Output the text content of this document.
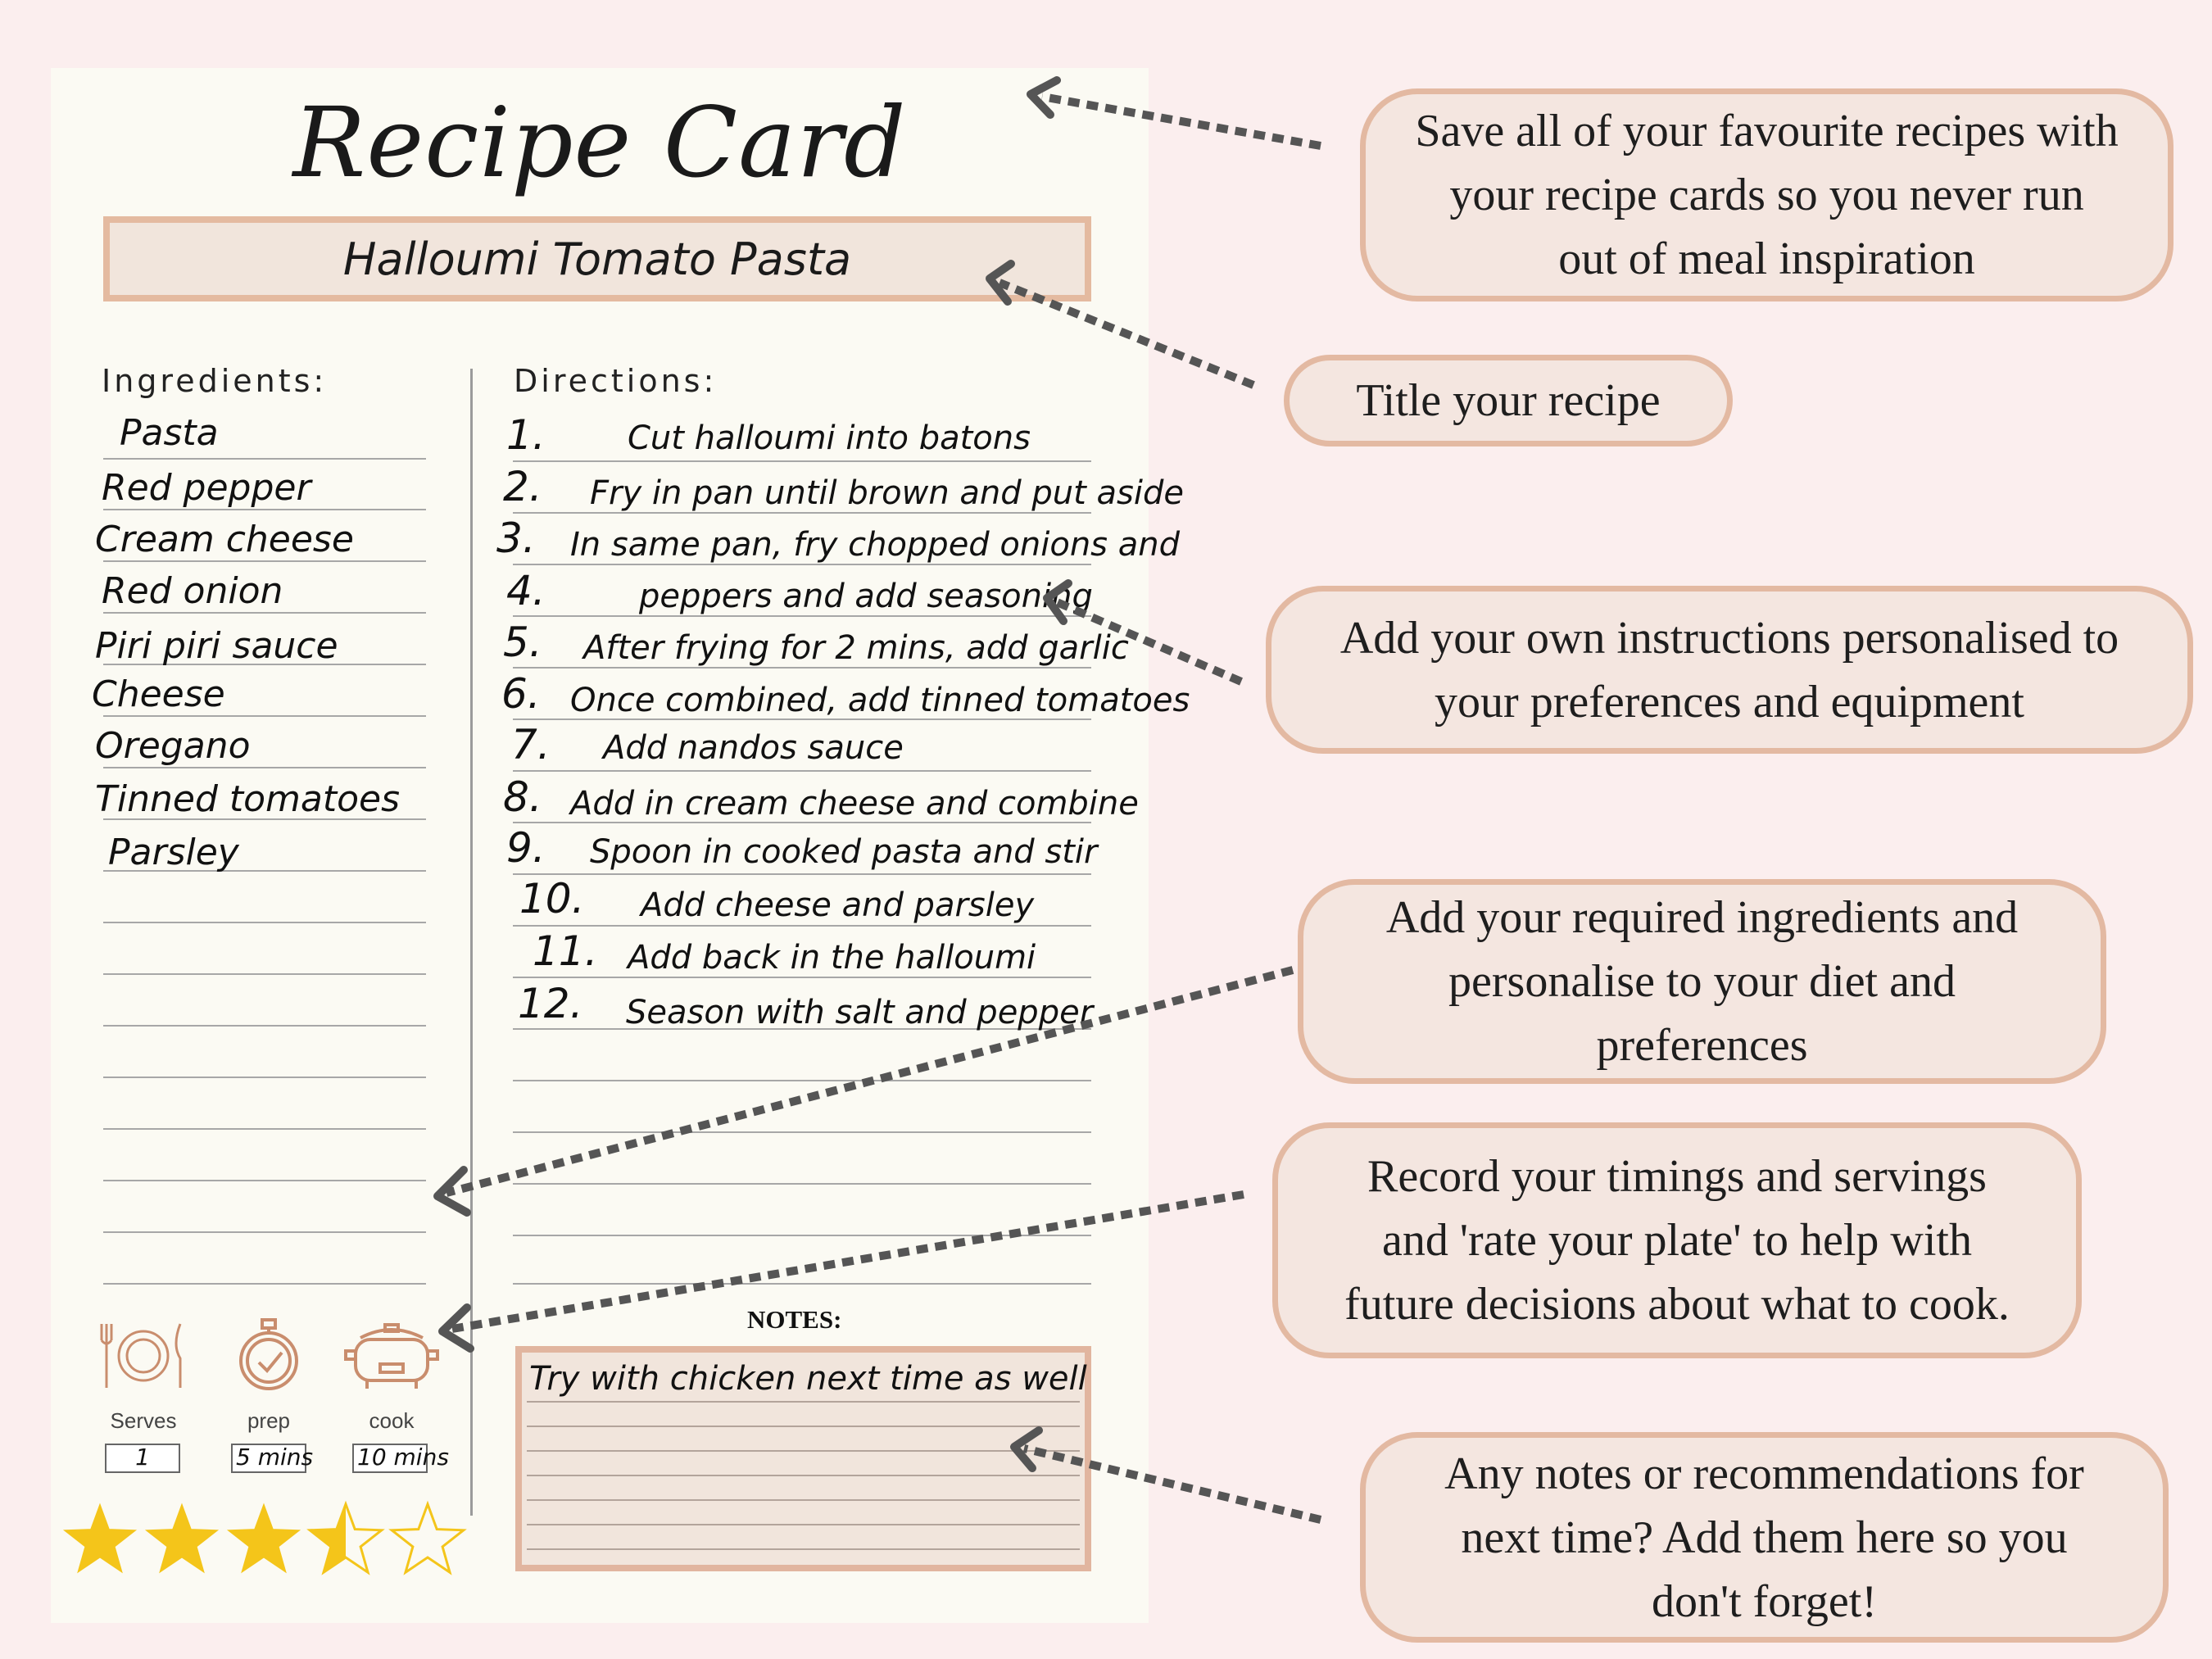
Recipe Card
Halloumi Tomato Pasta
Ingredients:	Directions:
Pasta
Red pepper
Cream cheese
Red onion
Piri piri sauce
Cheese
Oregano
Tinned tomatoes
Parsley
1.	Cut halloumi into batons
2. Fry in pan until brown and put aside
3. In same pan, fry chopped onions and
4.	peppers and add seasoning
5. After frying for 2 mins, add garlic
6. Once combined, add tinned tomatoes
7. Add nandos sauce
8. Add in cream cheese and combine
9. Spoon in cooked pasta and stir
10. Add cheese and parsley
11. Add back in the halloumi
12. Season with salt and pepper
Serves	prep	cook
1	5 mins 10 mins
NOTES:
Try with chicken next time as well
Save all of your favourite recipes with
your recipe cards so you never run
out of meal inspiration
Title your recipe
Add your own instructions personalised to
your preferences and equipment
Add your required ingredients and
personalise to your diet and
preferences
Record your timings and servings
and 'rate your plate' to help with
future decisions about what to cook.
Any notes or recommendations for
next time? Add them here so you
don't forget!
